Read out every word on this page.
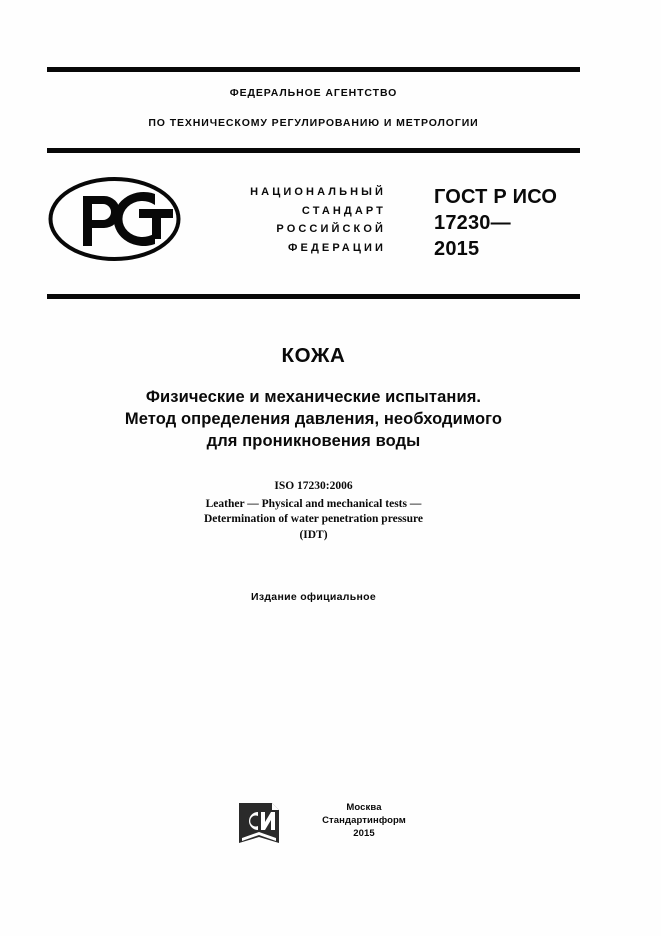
ФЕДЕРАЛЬНОЕ АГЕНТСТВО
ПО ТЕХНИЧЕСКОМУ РЕГУЛИРОВАНИЮ И МЕТРОЛОГИИ
НАЦИОНАЛЬНЫЙ
СТАНДАРТ
РОССИЙСКОЙ
ФЕДЕРАЦИИ
ГОСТ Р ИСО
17230—
2015
КОЖА
Физические и механические испытания.
Метод определения давления, необходимого
для проникновения воды
ISO 17230:2006
Leather — Physical and mechanical tests —
Determination of water penetration pressure
(IDT)
Издание официальное
Москва
Стандартинформ
2015
